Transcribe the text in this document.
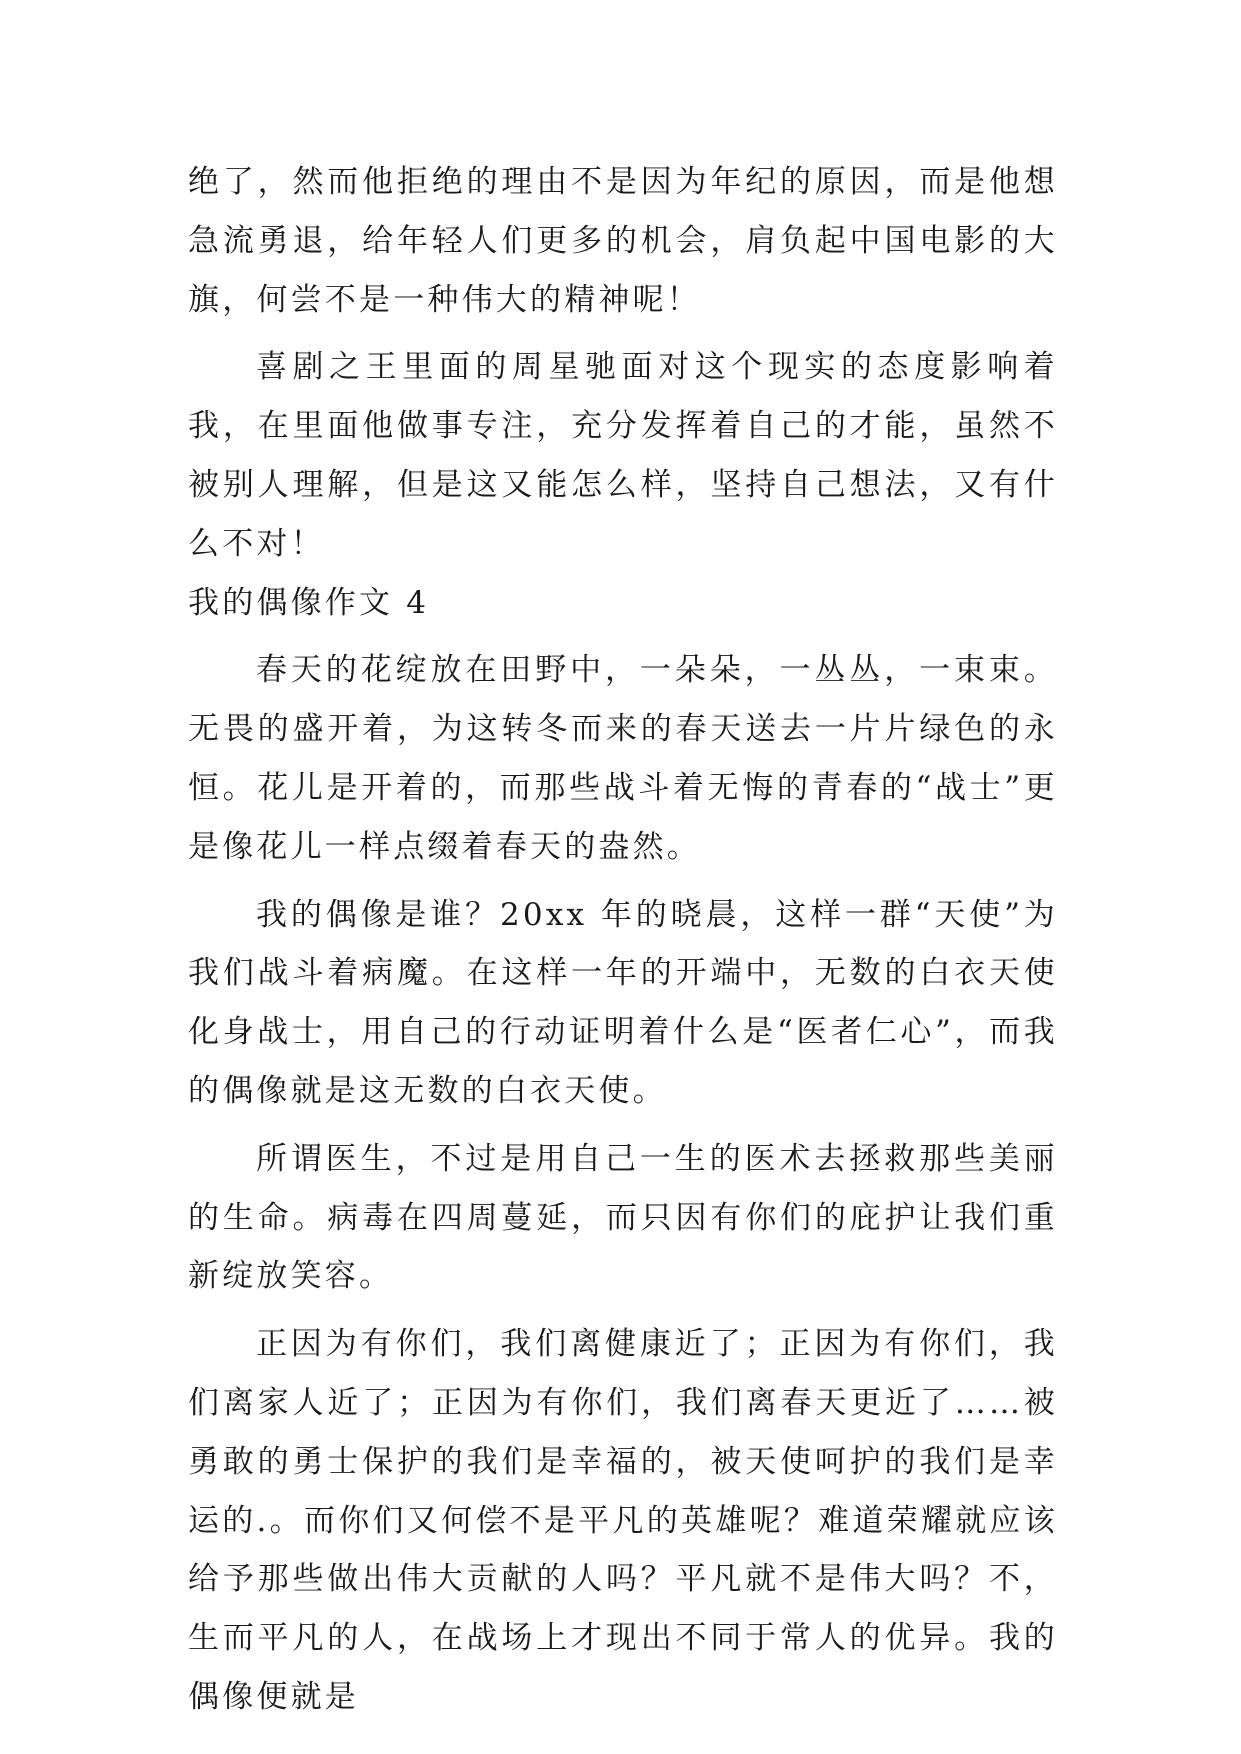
绝了，然而他拒绝的理由不是因为年纪的原因，而是他想急流勇退，给年轻人们更多的机会，肩负起中国电影的大旗，何尝不是一种伟大的精神呢！

喜剧之王里面的周星驰面对这个现实的态度影响着我，在里面他做事专注，充分发挥着自己的才能，虽然不被别人理解，但是这又能怎么样，坚持自己想法，又有什么不对！

我的偶像作文 4

春天的花绽放在田野中，一朵朵，一丛丛，一束束。无畏的盛开着，为这转冬而来的春天送去一片片绿色的永恒。花儿是开着的，而那些战斗着无悔的青春的“战士”更是像花儿一样点缀着春天的盎然。

我的偶像是谁？20xx 年的晓晨，这样一群“天使”为我们战斗着病魔。在这样一年的开端中，无数的白衣天使化身战士，用自己的行动证明着什么是“医者仁心”，而我的偶像就是这无数的白衣天使。

所谓医生，不过是用自己一生的医术去拯救那些美丽的生命。病毒在四周蔓延，而只因有你们的庇护让我们重新绽放笑容。

正因为有你们，我们离健康近了；正因为有你们，我们离家人近了；正因为有你们，我们离春天更近了……被勇敢的勇士保护的我们是幸福的，被天使呵护的我们是幸运的.。而你们又何偿不是平凡的英雄呢？难道荣耀就应该给予那些做出伟大贡献的人吗？平凡就不是伟大吗？不，生而平凡的人，在战场上才现出不同于常人的优异。我的偶像便就是
